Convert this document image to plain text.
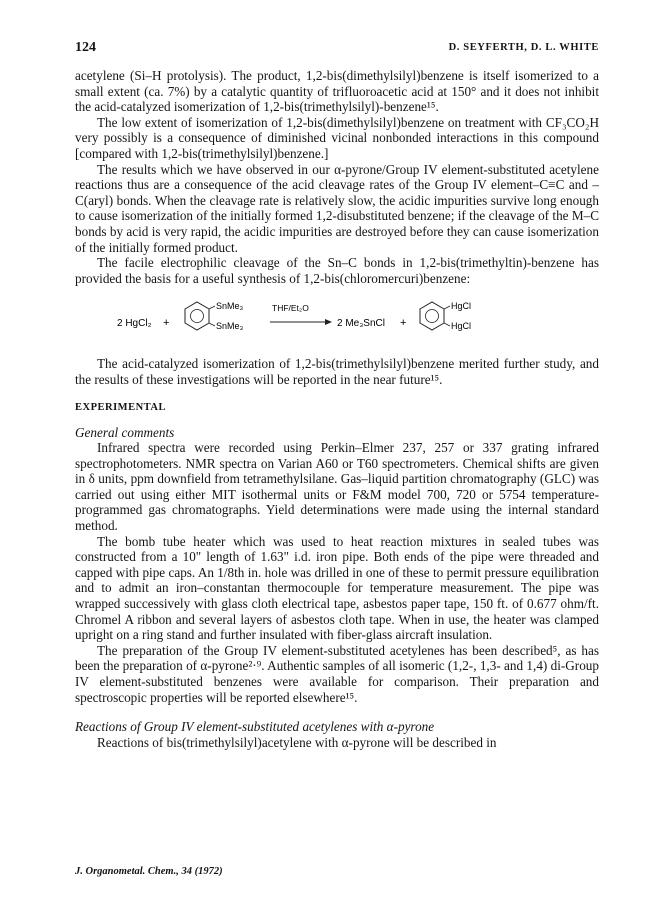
124	D. SEYFERTH, D. L. WHITE

acetylene (Si–H protolysis). The product, 1,2-bis(dimethylsilyl)benzene is itself isomerized to a small extent (ca. 7%) by a catalytic quantity of trifluoroacetic acid at 150° and it does not inhibit the acid-catalyzed isomerization of 1,2-bis(trimethylsilyl)-benzene¹⁵.

The low extent of isomerization of 1,2-bis(dimethylsilyl)benzene on treatment with CF₃CO₂H very possibly is a consequence of diminished vicinal nonbonded interactions in this compound [compared with 1,2-bis(trimethylsilyl)benzene.]

The results which we have observed in our α-pyrone/Group IV element-substituted acetylene reactions thus are a consequence of the acid cleavage rates of the Group IV element–C≡C and –C(aryl) bonds. When the cleavage rate is relatively slow, the acidic impurities survive long enough to cause isomerization of the initially formed 1,2-disubstituted benzene; if the cleavage of the M–C bonds by acid is very rapid, the acidic impurities are destroyed before they can cause isomerization of the initially formed product.

The facile electrophilic cleavage of the Sn–C bonds in 1,2-bis(trimethyltin)-benzene has provided the basis for a useful synthesis of 1,2-bis(chloromercuri)benzene:

2 HgCl₂ +
SnMe₃
SnMe₃
THF/Et₂O
2 Me₃SnCl +
HgCl
HgCl

The acid-catalyzed isomerization of 1,2-bis(trimethylsilyl)benzene merited further study, and the results of these investigations will be reported in the near future¹⁵.

EXPERIMENTAL
General comments

Infrared spectra were recorded using Perkin–Elmer 237, 257 or 337 grating infrared spectrophotometers. NMR spectra on Varian A60 or T60 spectrometers. Chemical shifts are given in δ units, ppm downfield from tetramethylsilane. Gas–liquid partition chromatography (GLC) was carried out using either MIT isothermal units or F&M model 700, 720 or 5754 temperature-programmed gas chromatographs. Yield determinations were made using the internal standard method.

The bomb tube heater which was used to heat reaction mixtures in sealed tubes was constructed from a 10" length of 1.63" i.d. iron pipe. Both ends of the pipe were threaded and capped with pipe caps. An 1/8th in. hole was drilled in one of these to permit pressure equilibration and to admit an iron–constantan thermocouple for temperature measurement. The pipe was wrapped successively with glass cloth electrical tape, asbestos paper tape, 150 ft. of 0.677 ohm/ft. Chromel A ribbon and several layers of asbestos cloth tape. When in use, the heater was clamped upright on a ring stand and further insulated with fiber-glass aircraft insulation.

The preparation of the Group IV element-substituted acetylenes has been described⁵, as has been the preparation of α-pyrone²·⁹. Authentic samples of all isomeric (1,2-, 1,3- and 1,4) di-Group IV element-substituted benzenes were available for comparison. Their preparation and spectroscopic properties will be reported elsewhere¹⁵.

Reactions of Group IV element-substituted acetylenes with α-pyrone

Reactions of bis(trimethylsilyl)acetylene with α-pyrone will be described in

J. Organometal. Chem., 34 (1972)
